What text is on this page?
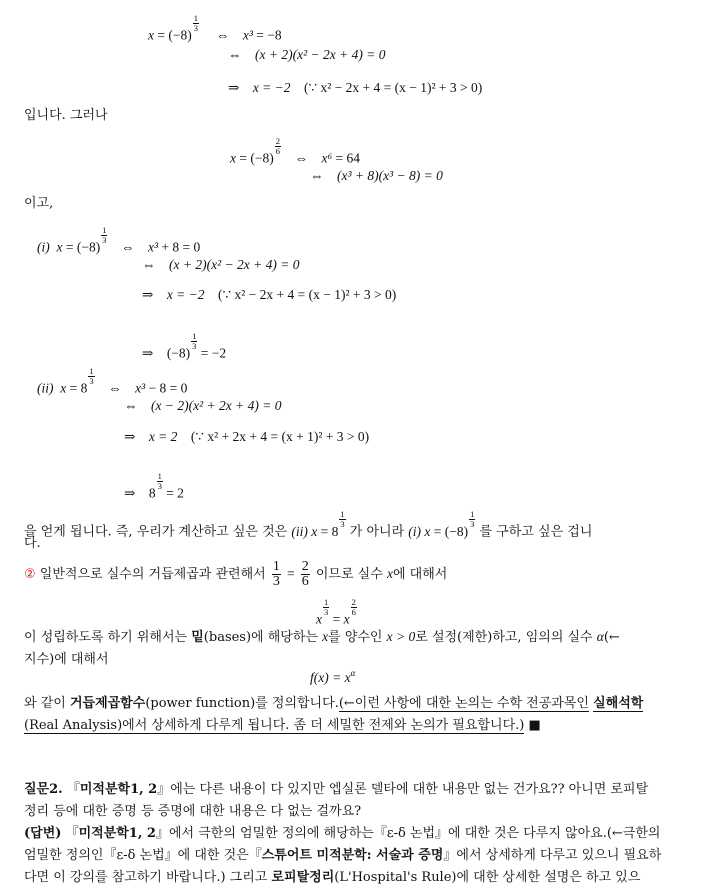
x = (−8)
$\frac{1}{3}$
⇔ x³ = −8
⇔ (x + 2)(x² − 2x + 4) = 0
⇒ x = −2 (∵ x² − 2x + 4 = (x − 1)² + 3 > 0)
입니다. 그러나
x = (−8)
$\frac{2}{6}$
⇔ x⁶ = 64
⇔ (x³ + 8)(x³ − 8) = 0
이고,
(i) x = (−8)
$\frac{1}{3}$
⇔ x³ + 8 = 0
⇔ (x + 2)(x² − 2x + 4) = 0
⇒ x = −2 (∵ x² − 2x + 4 = (x − 1)² + 3 > 0)
⇒ (−8)
$\frac{1}{3}$
= −2
(ii) x = 8
$\frac{1}{3}$
⇔ x³ − 8 = 0
⇔ (x − 2)(x² + 2x + 4) = 0
⇒ x = 2 (∵ x² + 2x + 4 = (x + 1)² + 3 > 0)
⇒ 8
$\frac{1}{3}$
= 2
을 얻게 됩니다. 즉, 우리가 계산하고 싶은 것은 (ii) x = 8
$\frac{1}{3}$
가 아니라 (i) x = (−8)
$\frac{1}{3}$
를 구하고 싶은 겁니
다.
② 일반적으로 실수의 거듭제곱과 관련해서 $\frac{1}{3} = \frac{2}{6}$ 이므로 실수 x에 대해서
x
$\frac{1}{3}$
= x
$\frac{2}{6}$
이 성립하도록 하기 위해서는 밑(bases)에 해당하는 x를 양수인 x > 0로 설정(제한)하고, 임의의 실수 α(←
지수)에 대해서
$f(x) = x^\alpha$
와 같이 거듭제곱함수(power function)를 정의합니다.(←이런 사항에 대한 논의는 수학 전공과목인 실해석학
(Real Analysis)에서 상세하게 다루게 됩니다. 좀 더 세밀한 전제와 논의가 필요합니다.) ■
질문2. 『미적분학1, 2』에는 다른 내용이 다 있지만 엡실론 델타에 대한 내용만 없는 건가요?? 아니면 로피탈
정리 등에 대한 증명 등 증명에 대한 내용은 다 없는 걸까요?
(답변) 『미적분학1, 2』에서 극한의 엄밀한 정의에 해당하는『ε-δ 논법』에 대한 것은 다루지 않아요.(←극한의
엄밀한 정의인『ε-δ 논법』에 대한 것은『스튜어트 미적분학: 서술과 증명』에서 상세하게 다루고 있으니 필요하
다면 이 강의를 참고하기 바랍니다.) 그리고 로피탈정리(L'Hospital's Rule)에 대한 상세한 설명은 하고 있으
